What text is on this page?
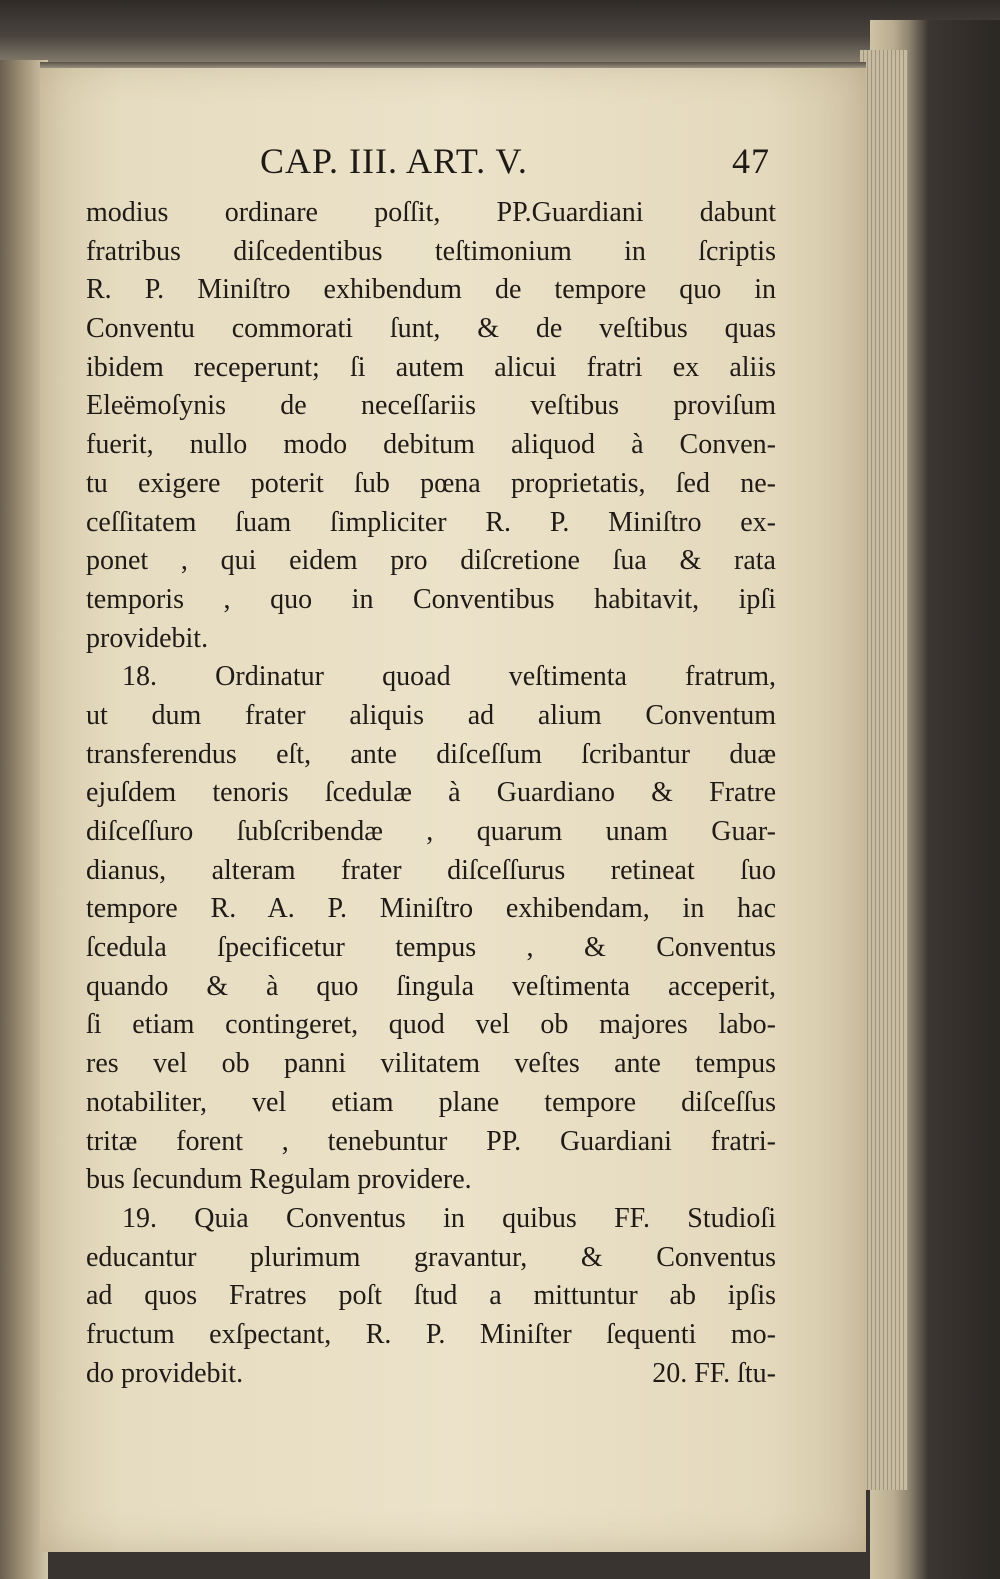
CAP. III. ART. V.	47
modius ordinare poſſit, PP.Guardiani dabunt
fratribus diſcedentibus teſtimonium in ſcriptis
R. P. Miniſtro exhibendum de tempore quo in
Conventu commorati ſunt, & de veſtibus quas
ibidem receperunt; ſi autem alicui fratri ex aliis
Eleëmoſynis de neceſſariis veſtibus proviſum
fuerit, nullo modo debitum aliquod à Conven-
tu exigere poterit ſub pœna proprietatis, ſed ne-
ceſſitatem ſuam ſimpliciter R. P. Miniſtro ex-
ponet , qui eidem pro diſcretione ſua & rata
temporis , quo in Conventibus habitavit, ipſi
providebit.
18. Ordinatur quoad veſtimenta fratrum,
ut dum frater aliquis ad alium Conventum
transferendus eſt, ante diſceſſum ſcribantur duæ
ejuſdem tenoris ſcedulæ à Guardiano & Fratre
diſceſſuro ſubſcribendæ , quarum unam Guar-
dianus, alteram frater diſceſſurus retineat ſuo
tempore R. A. P. Miniſtro exhibendam, in hac
ſcedula ſpecificetur tempus , & Conventus
quando & à quo ſingula veſtimenta acceperit,
ſi etiam contingeret, quod vel ob majores labo-
res vel ob panni vilitatem veſtes ante tempus
notabiliter, vel etiam plane tempore diſceſſus
tritæ forent , tenebuntur PP. Guardiani fratri-
bus ſecundum Regulam providere.
19. Quia Conventus in quibus FF. Studioſi
educantur plurimum gravantur, & Conventus
ad quos Fratres poſt ſtud a mittuntur ab ipſis
fructum exſpectant, R. P. Miniſter ſequenti mo-
do providebit.	20. FF. ſtu-
